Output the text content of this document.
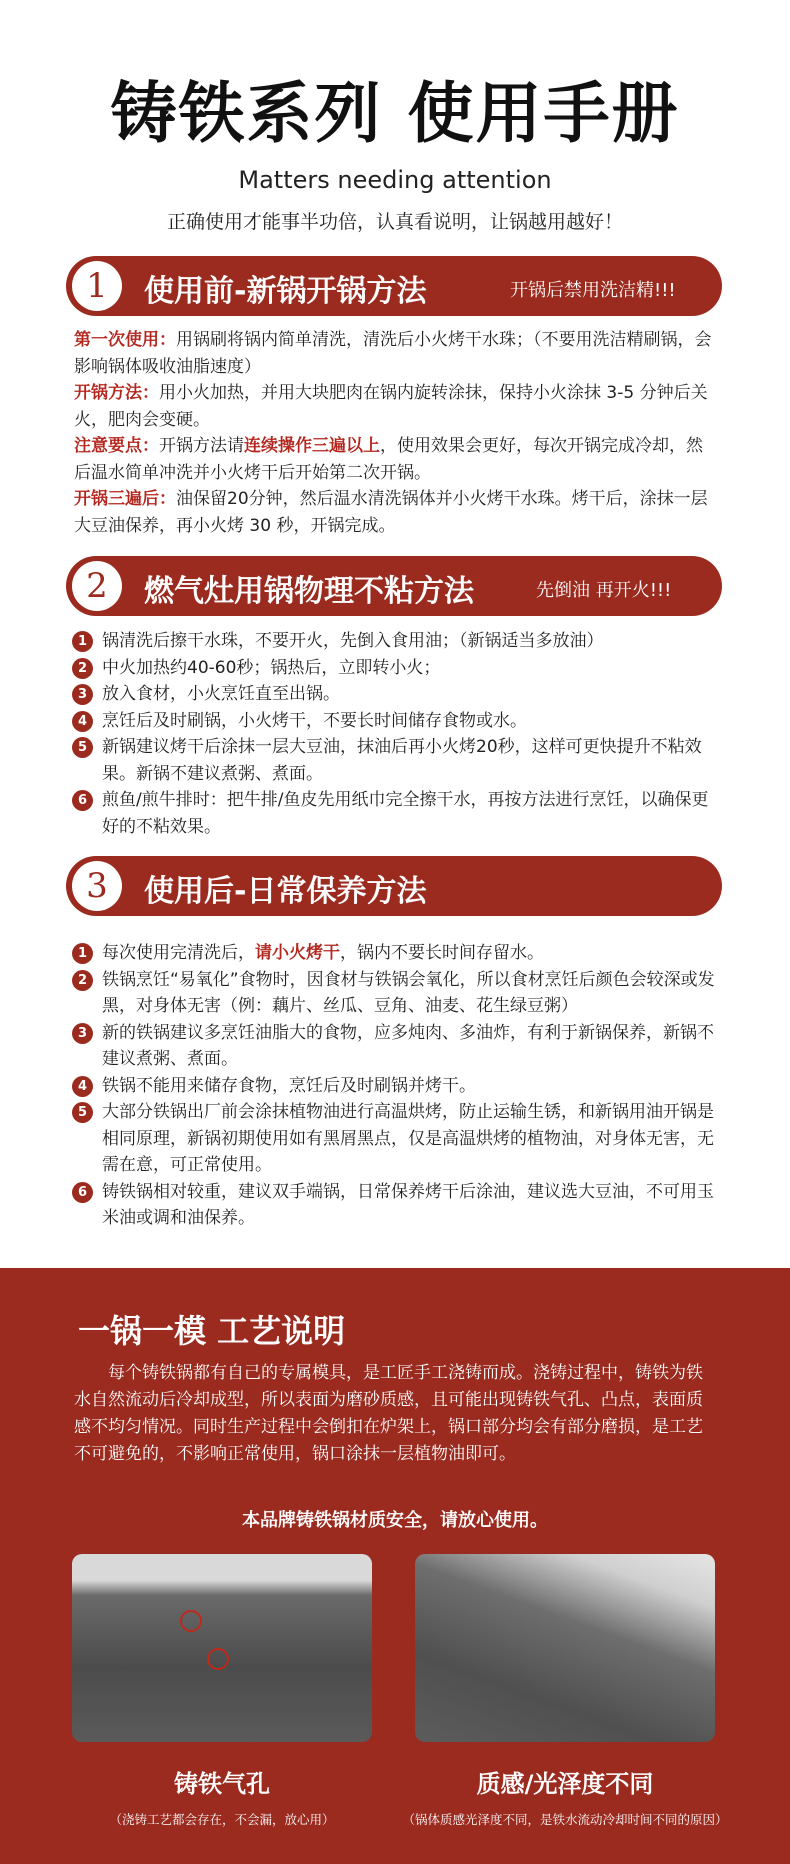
铸铁系列 使用手册
Matters needing attention
正确使用才能事半功倍，认真看说明，让锅越用越好！
1	使用前-新锅开锅方法	开锅后禁用洗洁精!!!

第一次使用：用锅刷将锅内简单清洗，清洗后小火烤干水珠；（不要用洗洁精刷锅，会影响锅体吸收油脂速度）

开锅方法：用小火加热，并用大块肥肉在锅内旋转涂抹，保持小火涂抹 3-5 分钟后关火，肥肉会变硬。

注意要点：开锅方法请连续操作三遍以上，使用效果会更好，每次开锅完成冷却，然后温水简单冲洗并小火烤干后开始第二次开锅。

开锅三遍后：油保留20分钟，然后温水清洗锅体并小火烤干水珠。烤干后，涂抹一层大豆油保养，再小火烤 30 秒，开锅完成。

2	燃气灶用锅物理不粘方法	先倒油 再开火!!!
1 锅清洗后擦干水珠，不要开火，先倒入食用油；（新锅适当多放油）
2 中火加热约40-60秒；锅热后，立即转小火；
3 放入食材，小火烹饪直至出锅。
4 烹饪后及时刷锅，小火烤干，不要长时间储存食物或水。
5 新锅建议烤干后涂抹一层大豆油，抹油后再小火烤20秒，这样可更快提升不粘效果。新锅不建议煮粥、煮面。
6 煎鱼/煎牛排时：把牛排/鱼皮先用纸巾完全擦干水，再按方法进行烹饪，以确保更好的不粘效果。
3	使用后-日常保养方法
1 每次使用完清洗后，请小火烤干，锅内不要长时间存留水。
2 铁锅烹饪“易氧化”食物时，因食材与铁锅会氧化，所以食材烹饪后颜色会较深或发黑，对身体无害（例：藕片、丝瓜、豆角、油麦、花生绿豆粥）
3 新的铁锅建议多烹饪油脂大的食物，应多炖肉、多油炸，有利于新锅保养，新锅不建议煮粥、煮面。
4 铁锅不能用来储存食物，烹饪后及时刷锅并烤干。
5 大部分铁锅出厂前会涂抹植物油进行高温烘烤，防止运输生锈，和新锅用油开锅是相同原理，新锅初期使用如有黑屑黑点，仅是高温烘烤的植物油，对身体无害，无需在意，可正常使用。
6 铸铁锅相对较重，建议双手端锅，日常保养烤干后涂油，建议选大豆油，不可用玉米油或调和油保养。
一锅一模 工艺说明

每个铸铁锅都有自己的专属模具，是工匠手工浇铸而成。浇铸过程中，铸铁为铁水自然流动后冷却成型，所以表面为磨砂质感，且可能出现铸铁气孔、凸点，表面质感不均匀情况。同时生产过程中会倒扣在炉架上，锅口部分均会有部分磨损，是工艺不可避免的，不影响正常使用，锅口涂抹一层植物油即可。

本品牌铸铁锅材质安全，请放心使用。
铸铁气孔	质感/光泽度不同
（浇铸工艺都会存在，不会漏，放心用）	（锅体质感光泽度不同，是铁水流动冷却时间不同的原因）
